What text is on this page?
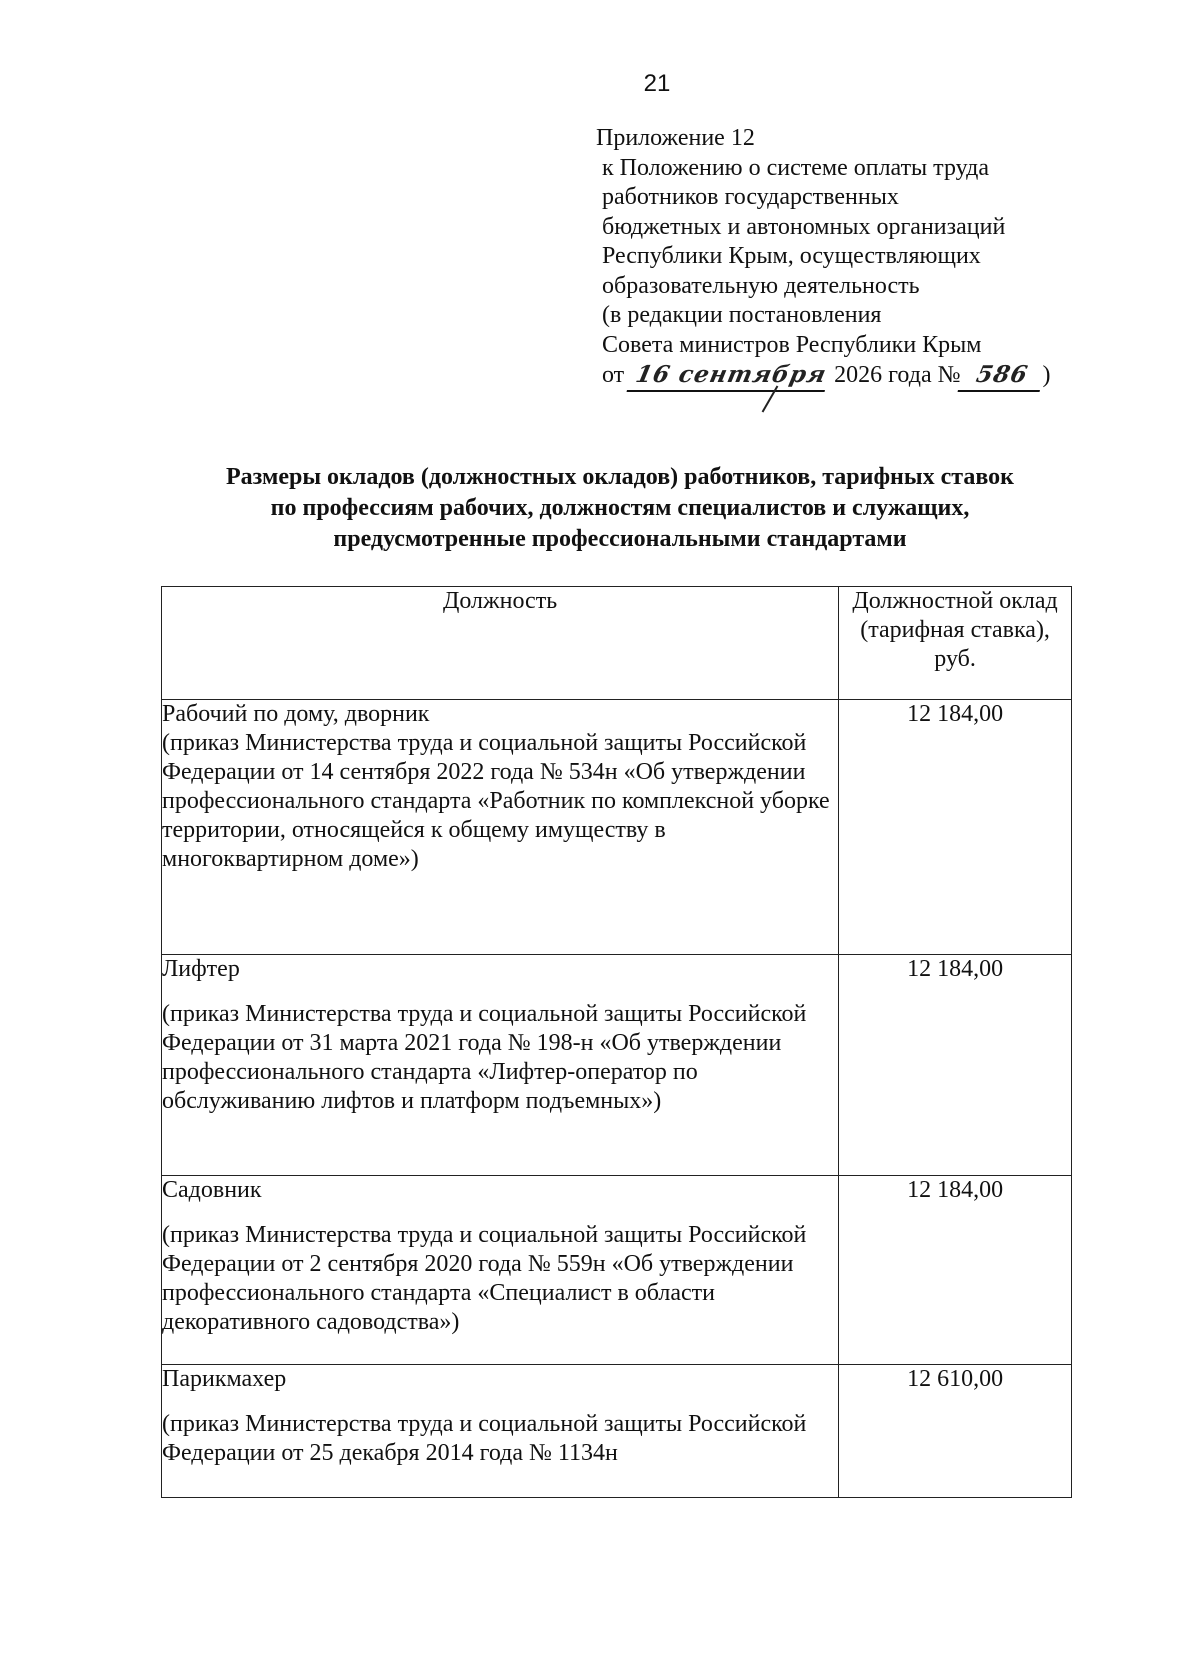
21
Приложение 12
к Положению о системе оплаты труда
работников государственных
бюджетных и автономных организаций
Республики Крым, осуществляющих
образовательную деятельность
(в редакции постановления
Совета министров Республики Крым
от 16 сентября 2026 года № 586 )
Размеры окладов (должностных окладов) работников, тарифных ставок
по профессиям рабочих, должностям специалистов и служащих,
предусмотренные профессиональными стандартами
Должность	Должностной оклад
(тарифная ставка),
руб.

Рабочий по дому, дворник
(приказ Министерства труда и социальной защиты Российской Федерации от 14 сентября 2022 года № 534н «Об утверждении профессионального стандарта «Работник по комплексной уборке территории, относящейся к общему имуществу в многоквартирном доме»)	12 184,00

Лифтер
(приказ Министерства труда и социальной защиты Российской Федерации от 31 марта 2021 года № 198-н «Об утверждении профессионального стандарта «Лифтер-оператор по обслуживанию лифтов и платформ подъемных»)	12 184,00

Садовник
(приказ Министерства труда и социальной защиты Российской Федерации от 2 сентября 2020 года № 559н «Об утверждении профессионального стандарта «Специалист в области декоративного садоводства»)	12 184,00

Парикмахер
(приказ Министерства труда и социальной защиты Российской Федерации от 25 декабря 2014 года № 1134н	12 610,00
